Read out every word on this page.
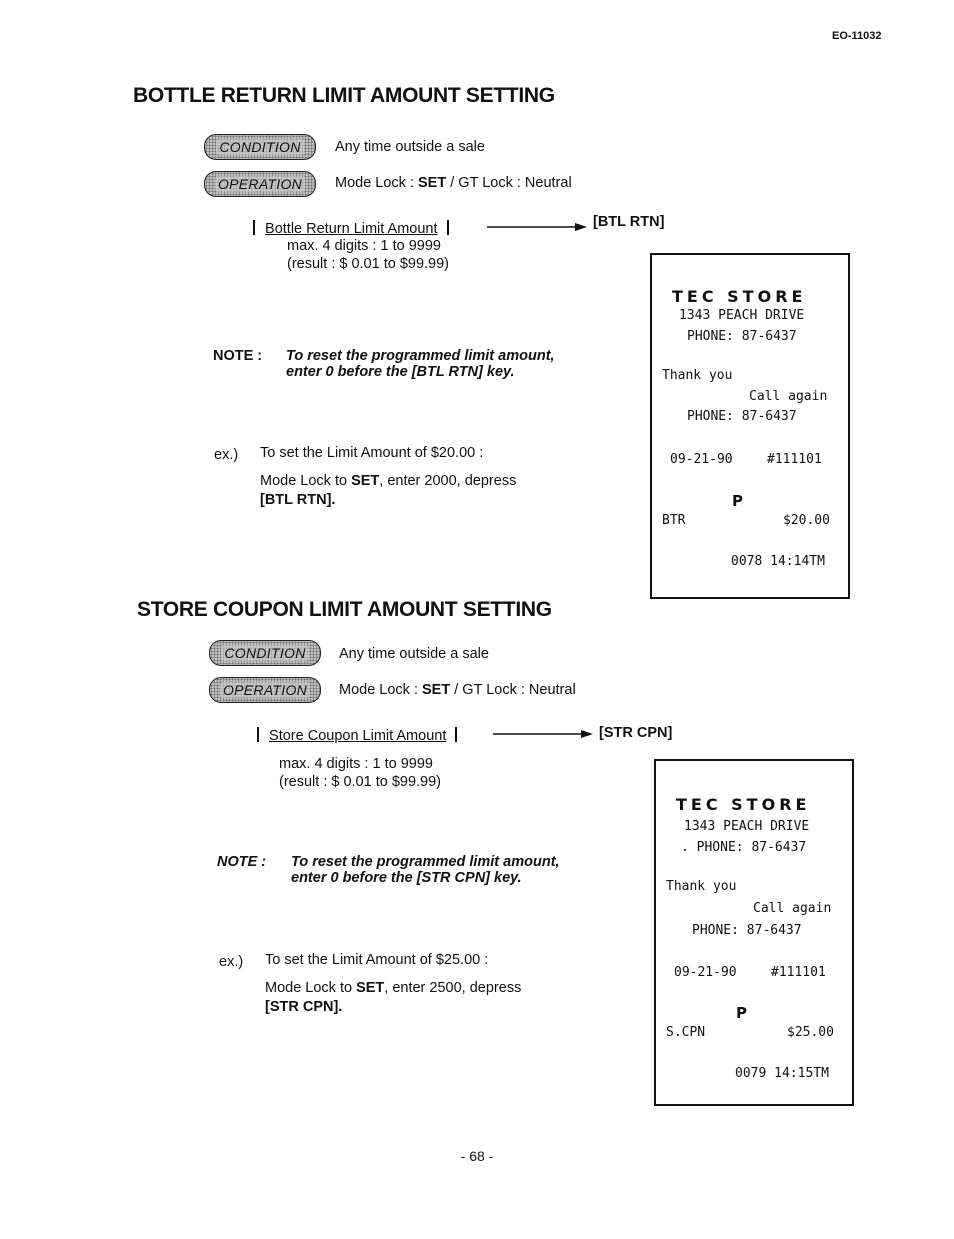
EO-11032
BOTTLE RETURN LIMIT AMOUNT SETTING
CONDITION Any time outside a sale
OPERATION Mode Lock : SET / GT Lock : Neutral
Bottle Return Limit Amount	[BTL RTN]
max. 4 digits : 1 to 9999
(result : $ 0.01 to $99.99)
NOTE : To reset the programmed limit amount,
enter 0 before the [BTL RTN] key.
ex.) To set the Limit Amount of $20.00 :
Mode Lock to SET, enter 2000, depress
[BTL RTN].
TEC STORE
1343 PEACH DRIVE
PHONE: 87-6437
Thank you
Call again
PHONE: 87-6437
09-21-90	#111101
P
BTR	$20.00
0078 14:14TM
STORE COUPON LIMIT AMOUNT SETTING
CONDITION Any time outside a sale
OPERATION Mode Lock : SET / GT Lock : Neutral
Store Coupon Limit Amount	[STR CPN]
max. 4 digits : 1 to 9999
(result : $ 0.01 to $99.99)
NOTE : To reset the programmed limit amount,
enter 0 before the [STR CPN] key.
ex.) To set the Limit Amount of $25.00 :
Mode Lock to SET, enter 2500, depress
[STR CPN].
TEC STORE
1343 PEACH DRIVE
. PHONE: 87-6437
Thank you
Call again
PHONE: 87-6437
09-21-90	#111101
P
S.CPN	$25.00
0079 14:15TM
- 68 -
